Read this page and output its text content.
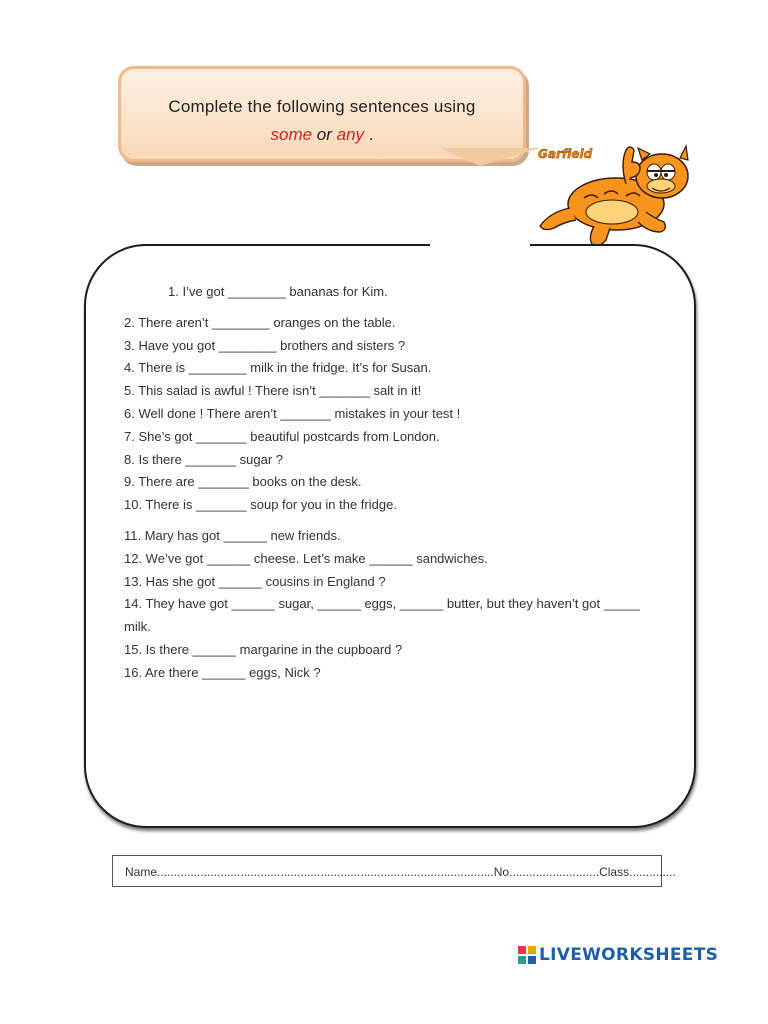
Complete the following sentences using
some or any .
Garfield
1. I’ve got ________ bananas for Kim.
2. There aren’t ________ oranges on the table.
3. Have you got ________ brothers and sisters ?
4. There is ________ milk in the fridge. It’s for Susan.
5. This salad is awful ! There isn’t _______ salt in it!
6. Well done ! There aren’t _______ mistakes in your test !
7. She’s got _______ beautiful postcards from London.
8. Is there _______ sugar ?
9. There are _______ books on the desk.
10. There is _______ soup for you in the fridge.
11. Mary has got ______ new friends.
12. We’ve got ______ cheese. Let’s make ______ sandwiches.
13. Has she got ______ cousins in England ?
14. They have got ______ sugar, ______ eggs, ______ butter, but they haven’t got _____ milk.
15. Is there ______ margarine in the cupboard ?
16. Are there ______ eggs, Nick ?
Name.....................................................................................................No...........................Class..............
LIVEWORKSHEETS
